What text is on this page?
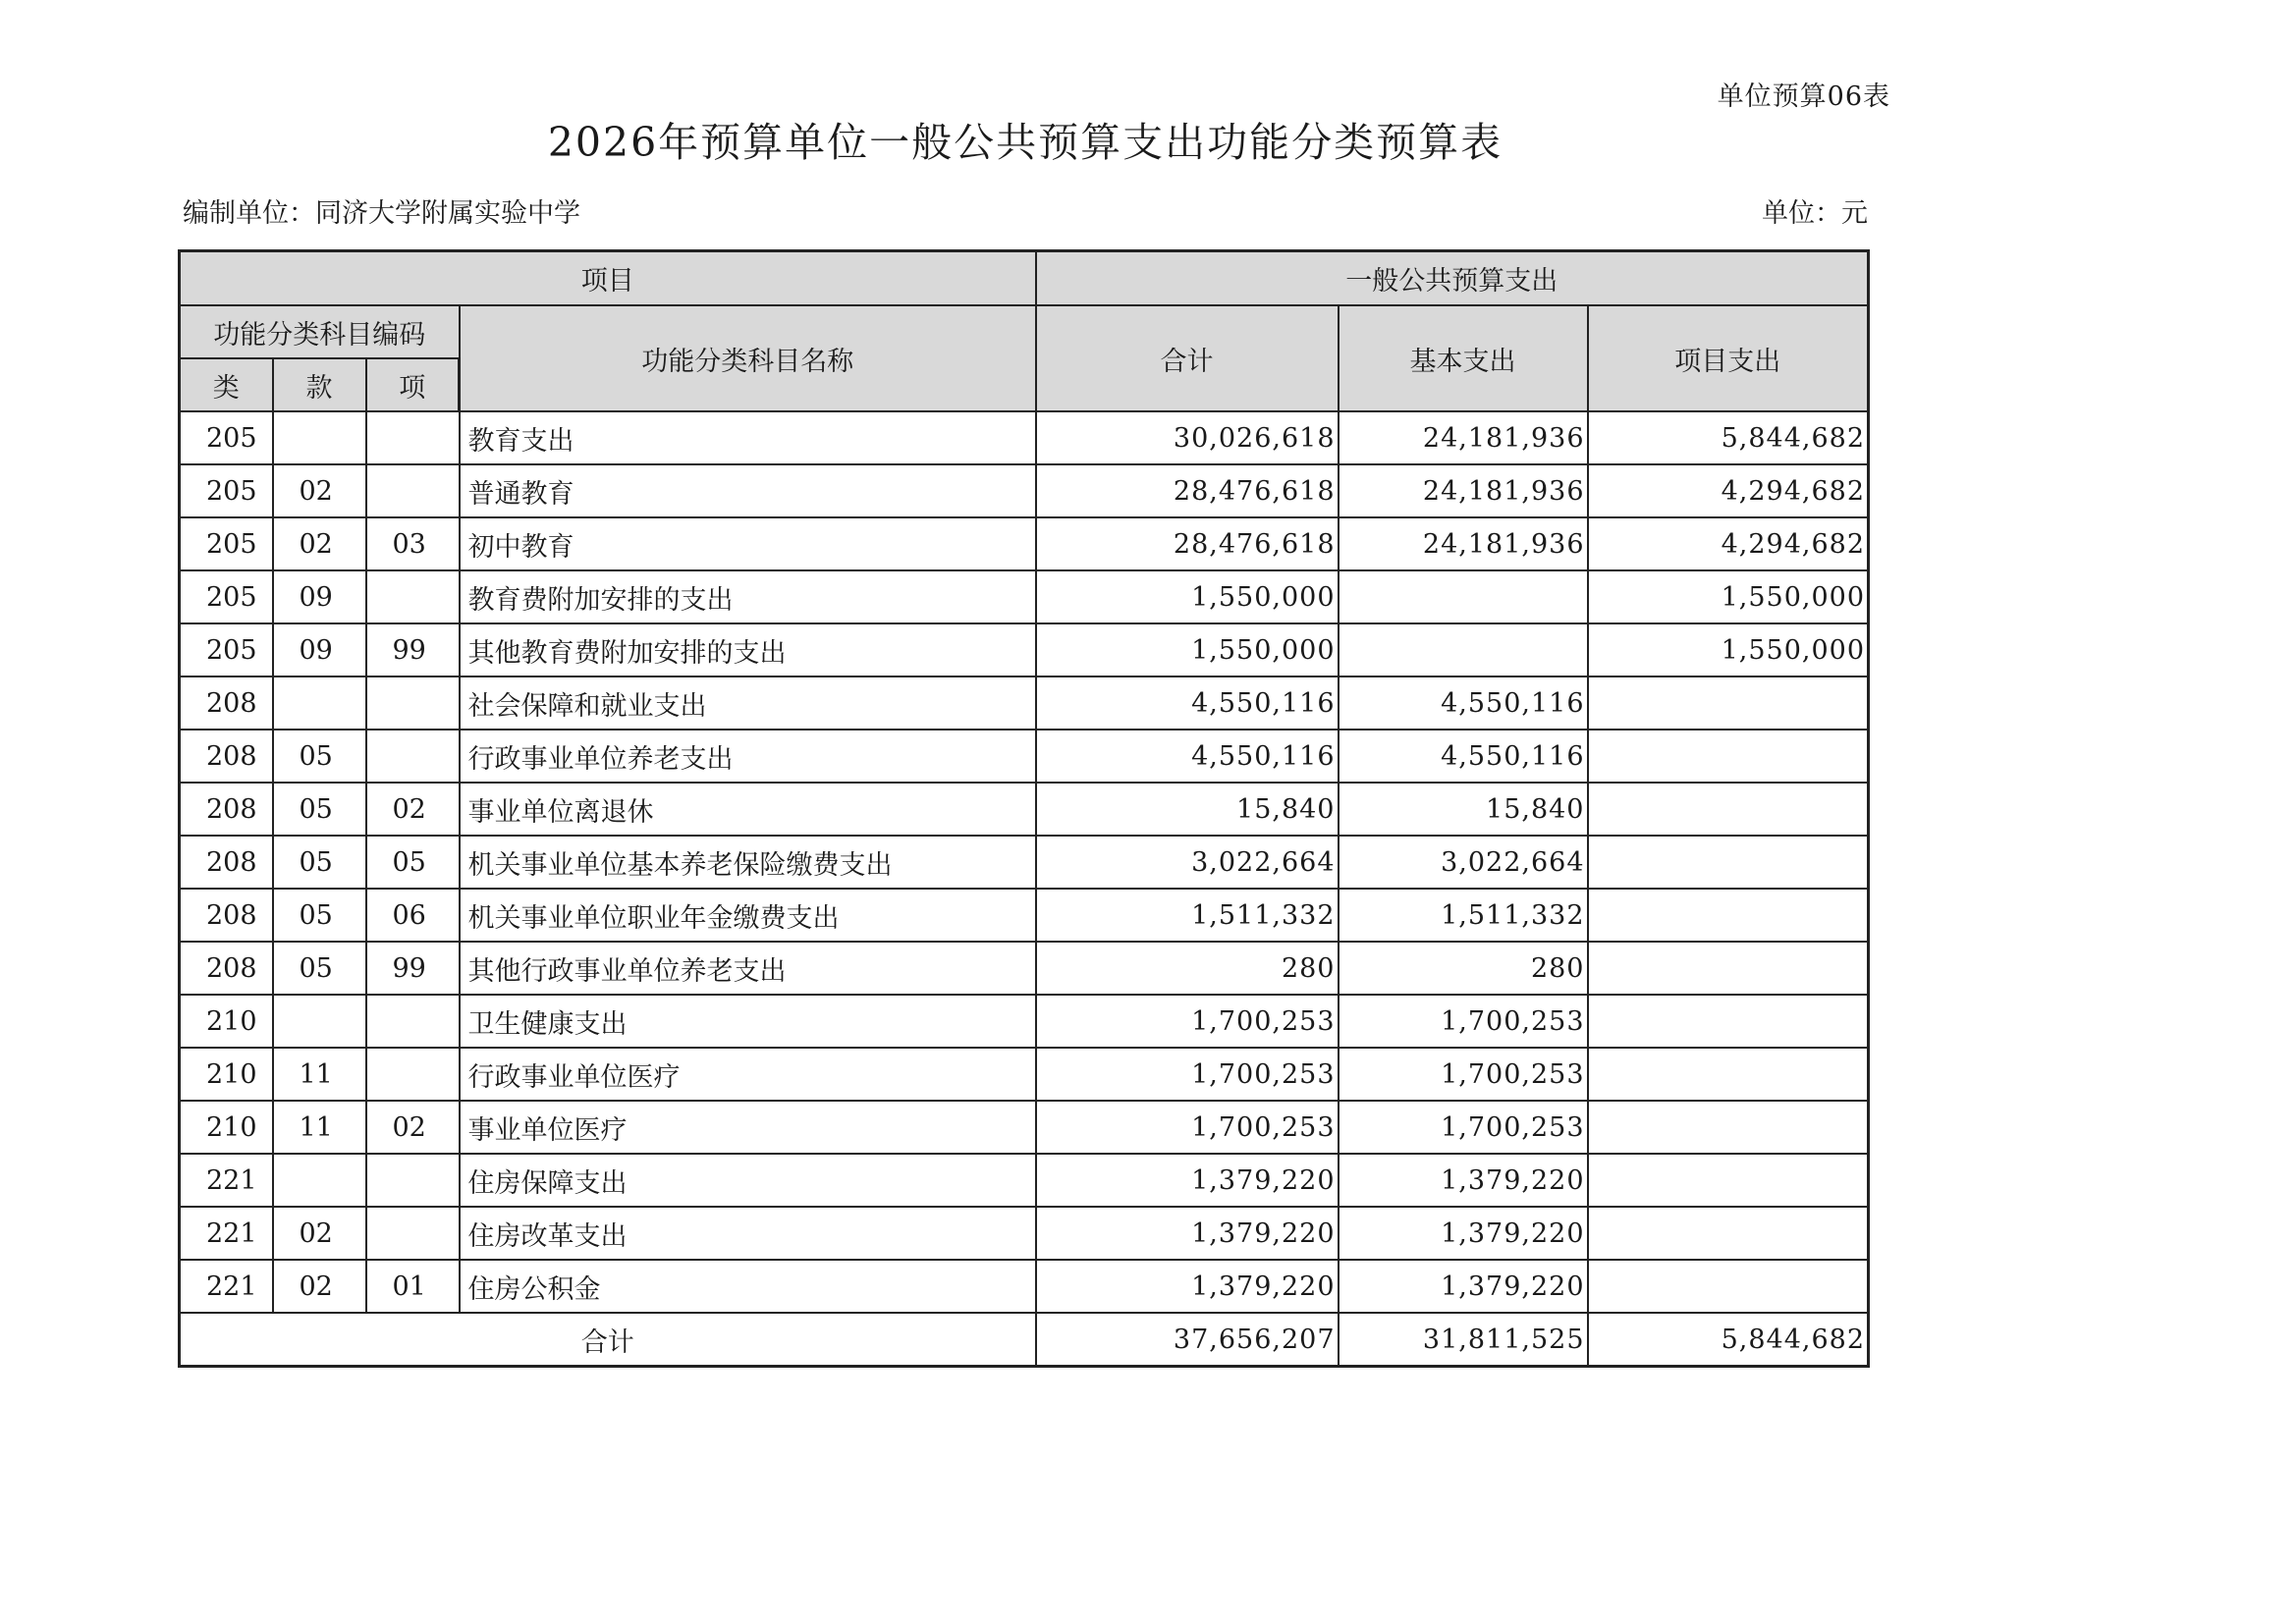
单位预算06表
2026年预算单位一般公共预算支出功能分类预算表
编制单位：同济大学附属实验中学	单位：元
项目				一般公共预算支出		
功能分类科目编码			功能分类科目名称	合计	基本支出	项目支出
类	款	项				
205			教育支出	30,026,618	24,181,936	5,844,682
205	02		普通教育	28,476,618	24,181,936	4,294,682
205	02	03	初中教育	28,476,618	24,181,936	4,294,682
205	09		教育费附加安排的支出	1,550,000		1,550,000
205	09	99	其他教育费附加安排的支出	1,550,000		1,550,000
208			社会保障和就业支出	4,550,116	4,550,116	
208	05		行政事业单位养老支出	4,550,116	4,550,116	
208	05	02	事业单位离退休	15,840	15,840	
208	05	05	机关事业单位基本养老保险缴费支出	3,022,664	3,022,664	
208	05	06	机关事业单位职业年金缴费支出	1,511,332	1,511,332	
208	05	99	其他行政事业单位养老支出	280	280	
210			卫生健康支出	1,700,253	1,700,253	
210	11		行政事业单位医疗	1,700,253	1,700,253	
210	11	02	事业单位医疗	1,700,253	1,700,253	
221			住房保障支出	1,379,220	1,379,220	
221	02		住房改革支出	1,379,220	1,379,220	
221	02	01	住房公积金	1,379,220	1,379,220	
合计				37,656,207	31,811,525	5,844,682
